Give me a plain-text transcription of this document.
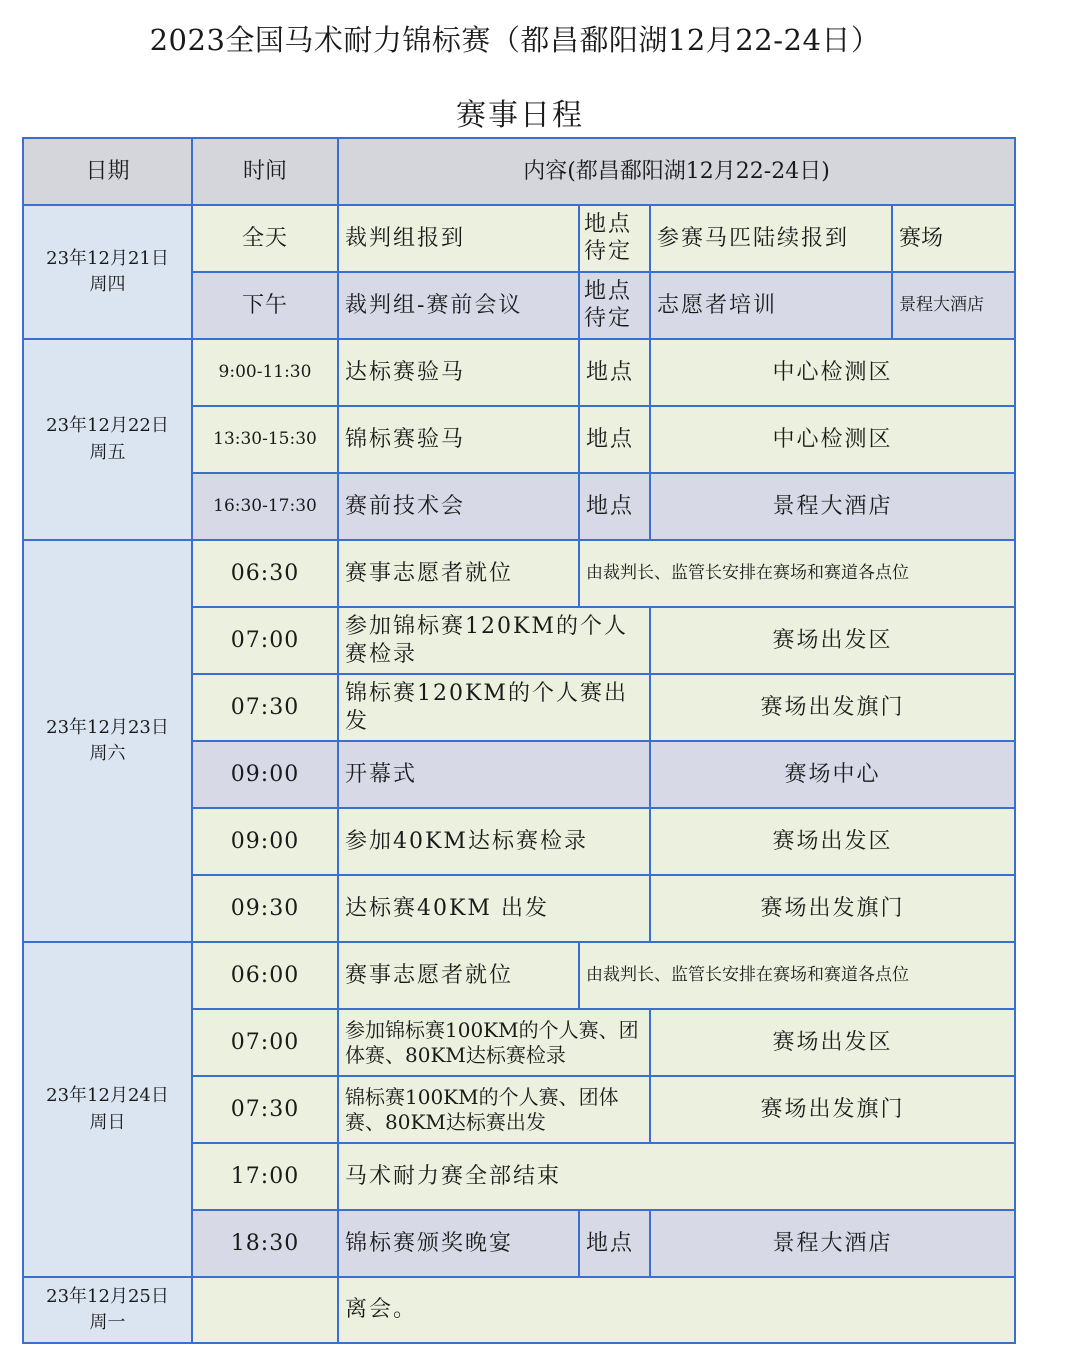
2023全国马术耐力锦标赛（都昌鄱阳湖12月22-24日）
赛事日程
日期	时间	内容(都昌鄱阳湖12月22-24日)			

23年12月21日
周四	全天	裁判组报到	地点待定	参赛马匹陆续报到	赛场
	下午	裁判组-赛前会议	地点待定	志愿者培训	景程大酒店

23年12月22日
周五	9:00-11:30	达标赛验马	地点	中心检测区	
	13:30-15:30	锦标赛验马	地点	中心检测区	
	16:30-17:30	赛前技术会	地点	景程大酒店	

23年12月23日
周六	06:30	赛事志愿者就位	由裁判长、监管长安排在赛场和赛道各点位		
	07:00	参加锦标赛120KM的个人赛检录		赛场出发区	
	07:30	锦标赛120KM的个人赛出发		赛场出发旗门	
	09:00	开幕式		赛场中心	
	09:00	参加40KM达标赛检录		赛场出发区	
	09:30	达标赛40KM 出发		赛场出发旗门	

23年12月24日
周日	06:00	赛事志愿者就位	由裁判长、监管长安排在赛场和赛道各点位		
	07:00	参加锦标赛100KM的个人赛、团体赛、80KM达标赛检录		赛场出发区	
	07:30	锦标赛100KM的个人赛、团体赛、80KM达标赛出发		赛场出发旗门	
	17:00	马术耐力赛全部结束			
	18:30	锦标赛颁奖晚宴	地点	景程大酒店	

23年12月25日
周一		离会。			
